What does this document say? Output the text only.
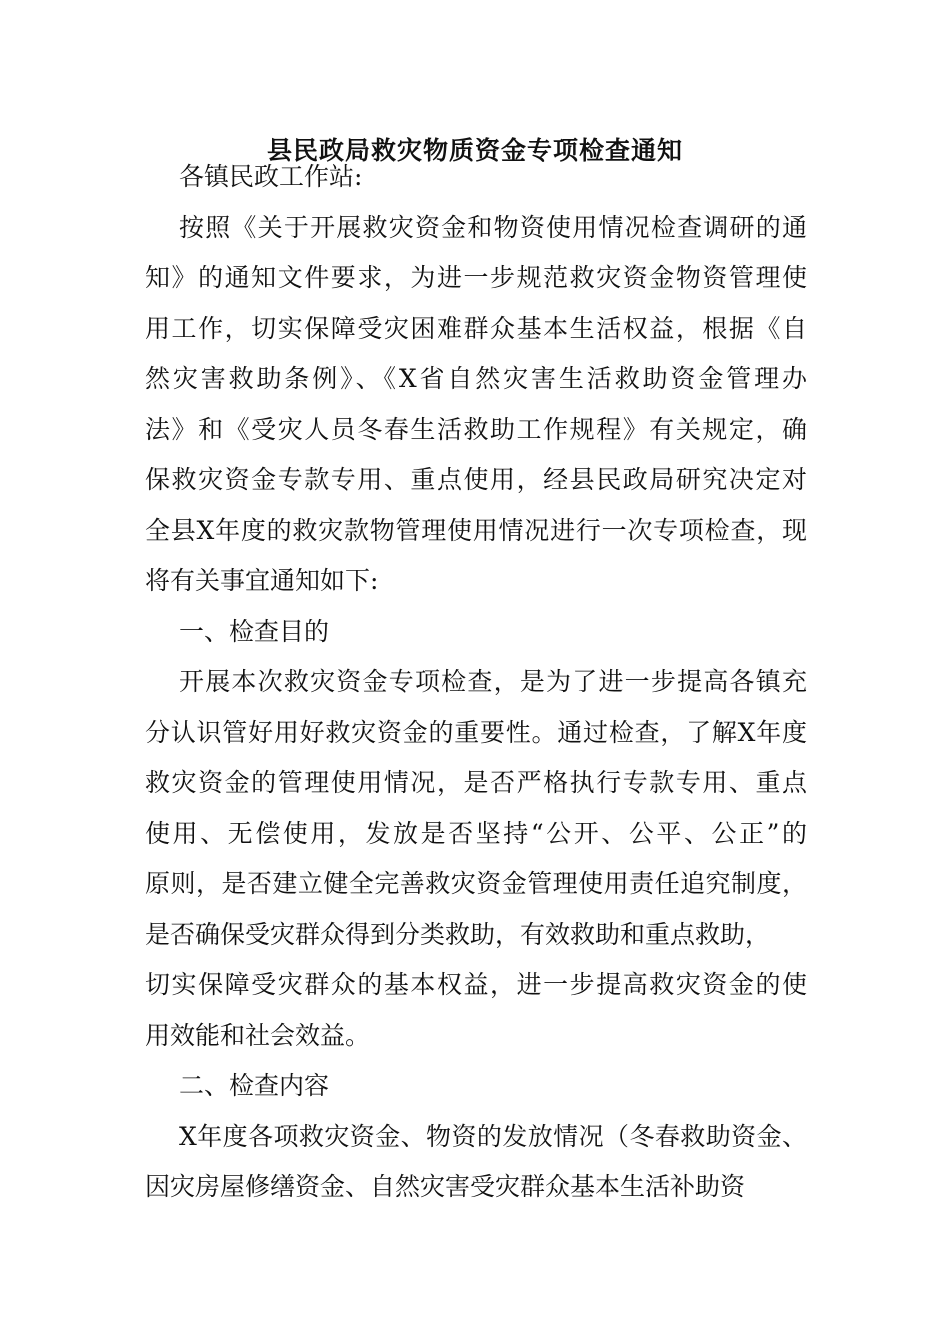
县民政局救灾物质资金专项检查通知
各镇民政工作站:
按照《关于开展救灾资金和物资使用情况检查调研的通
知》的通知文件要求，为进一步规范救灾资金物资管理使
用工作，切实保障受灾困难群众基本生活权益，根据《自
然灾害救助条例》、《X省自然灾害生活救助资金管理办
法》和《受灾人员冬春生活救助工作规程》有关规定，确
保救灾资金专款专用、重点使用，经县民政局研究决定对
全县X年度的救灾款物管理使用情况进行一次专项检查，现
将有关事宜通知如下:
一、检查目的
开展本次救灾资金专项检查，是为了进一步提高各镇充
分认识管好用好救灾资金的重要性。通过检查，了解X年度
救灾资金的管理使用情况，是否严格执行专款专用、重点
使用、无偿使用，发放是否坚持“公开、公平、公正”的
原则，是否建立健全完善救灾资金管理使用责任追究制度，
是否确保受灾群众得到分类救助，有效救助和重点救助，
切实保障受灾群众的基本权益，进一步提高救灾资金的使
用效能和社会效益。
二、检查内容
X年度各项救灾资金、物资的发放情况（冬春救助资金、
因灾房屋修缮资金、自然灾害受灾群众基本生活补助资
